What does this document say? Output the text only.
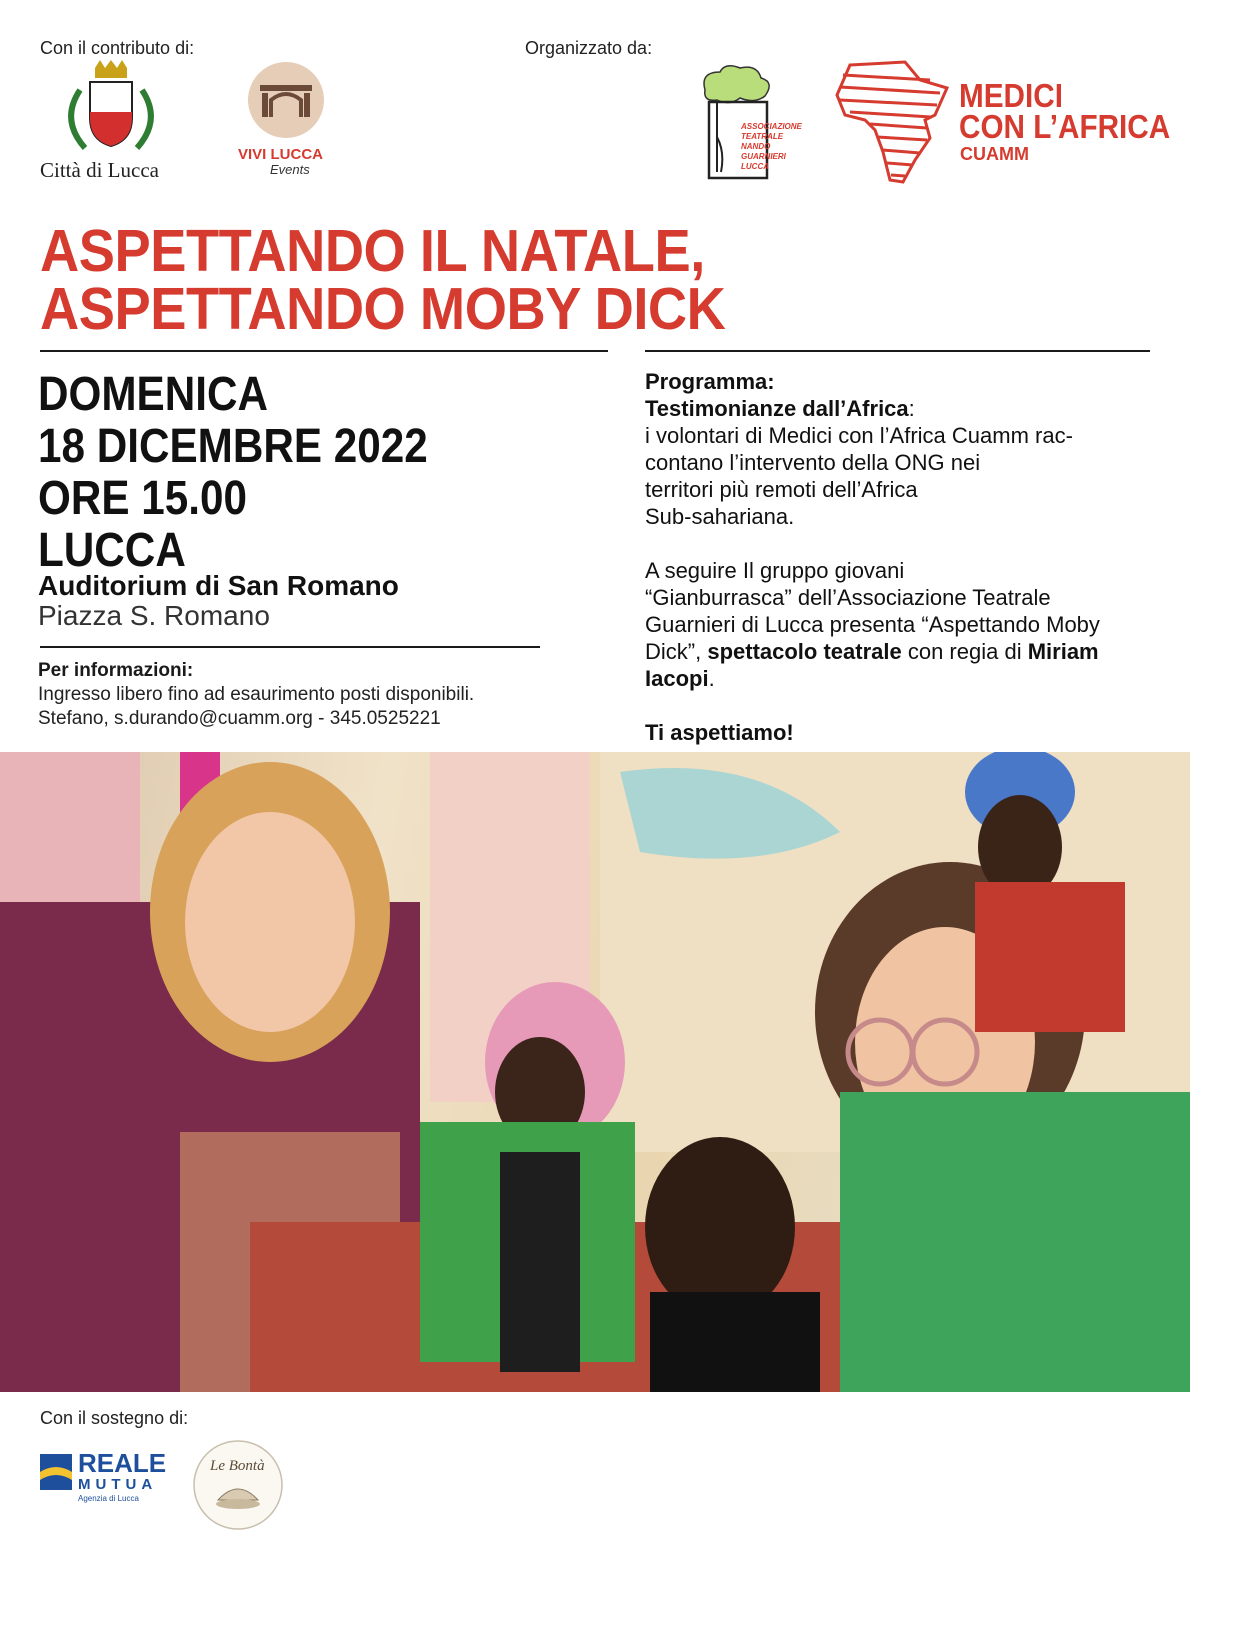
Con il contributo di:	Organizzato da:
Città di Lucca
VIVI LUCCA
Events
ASSOCIAZIONE
TEATRALE
NANDO
GUARNIERI
LUCCA
MEDICI
CON L’AFRICA
CUAMM
ASPETTANDO IL NATALE,
ASPETTANDO MOBY DICK
DOMENICA
18 DICEMBRE 2022
ORE 15.00
LUCCA
Auditorium di San Romano
Piazza S. Romano
Per informazioni:
Ingresso libero fino ad esaurimento posti disponibili.
Stefano, s.durando@cuamm.org - 345.0525221
Programma:
Testimonianze dall’Africa:
i volontari di Medici con l’Africa Cuamm rac-
contano l’intervento della ONG nei
territori più remoti dell’Africa
Sub-sahariana.
A seguire Il gruppo giovani
“Gianburrasca” dell’Associazione Teatrale
Guarnieri di Lucca presenta “Aspettando Moby
Dick”, spettacolo teatrale con regia di Miriam
Iacopi.
Ti aspettiamo!
Con il sostegno di:
REALE
MUTUA
Agenzia di Lucca
Le Bontà
